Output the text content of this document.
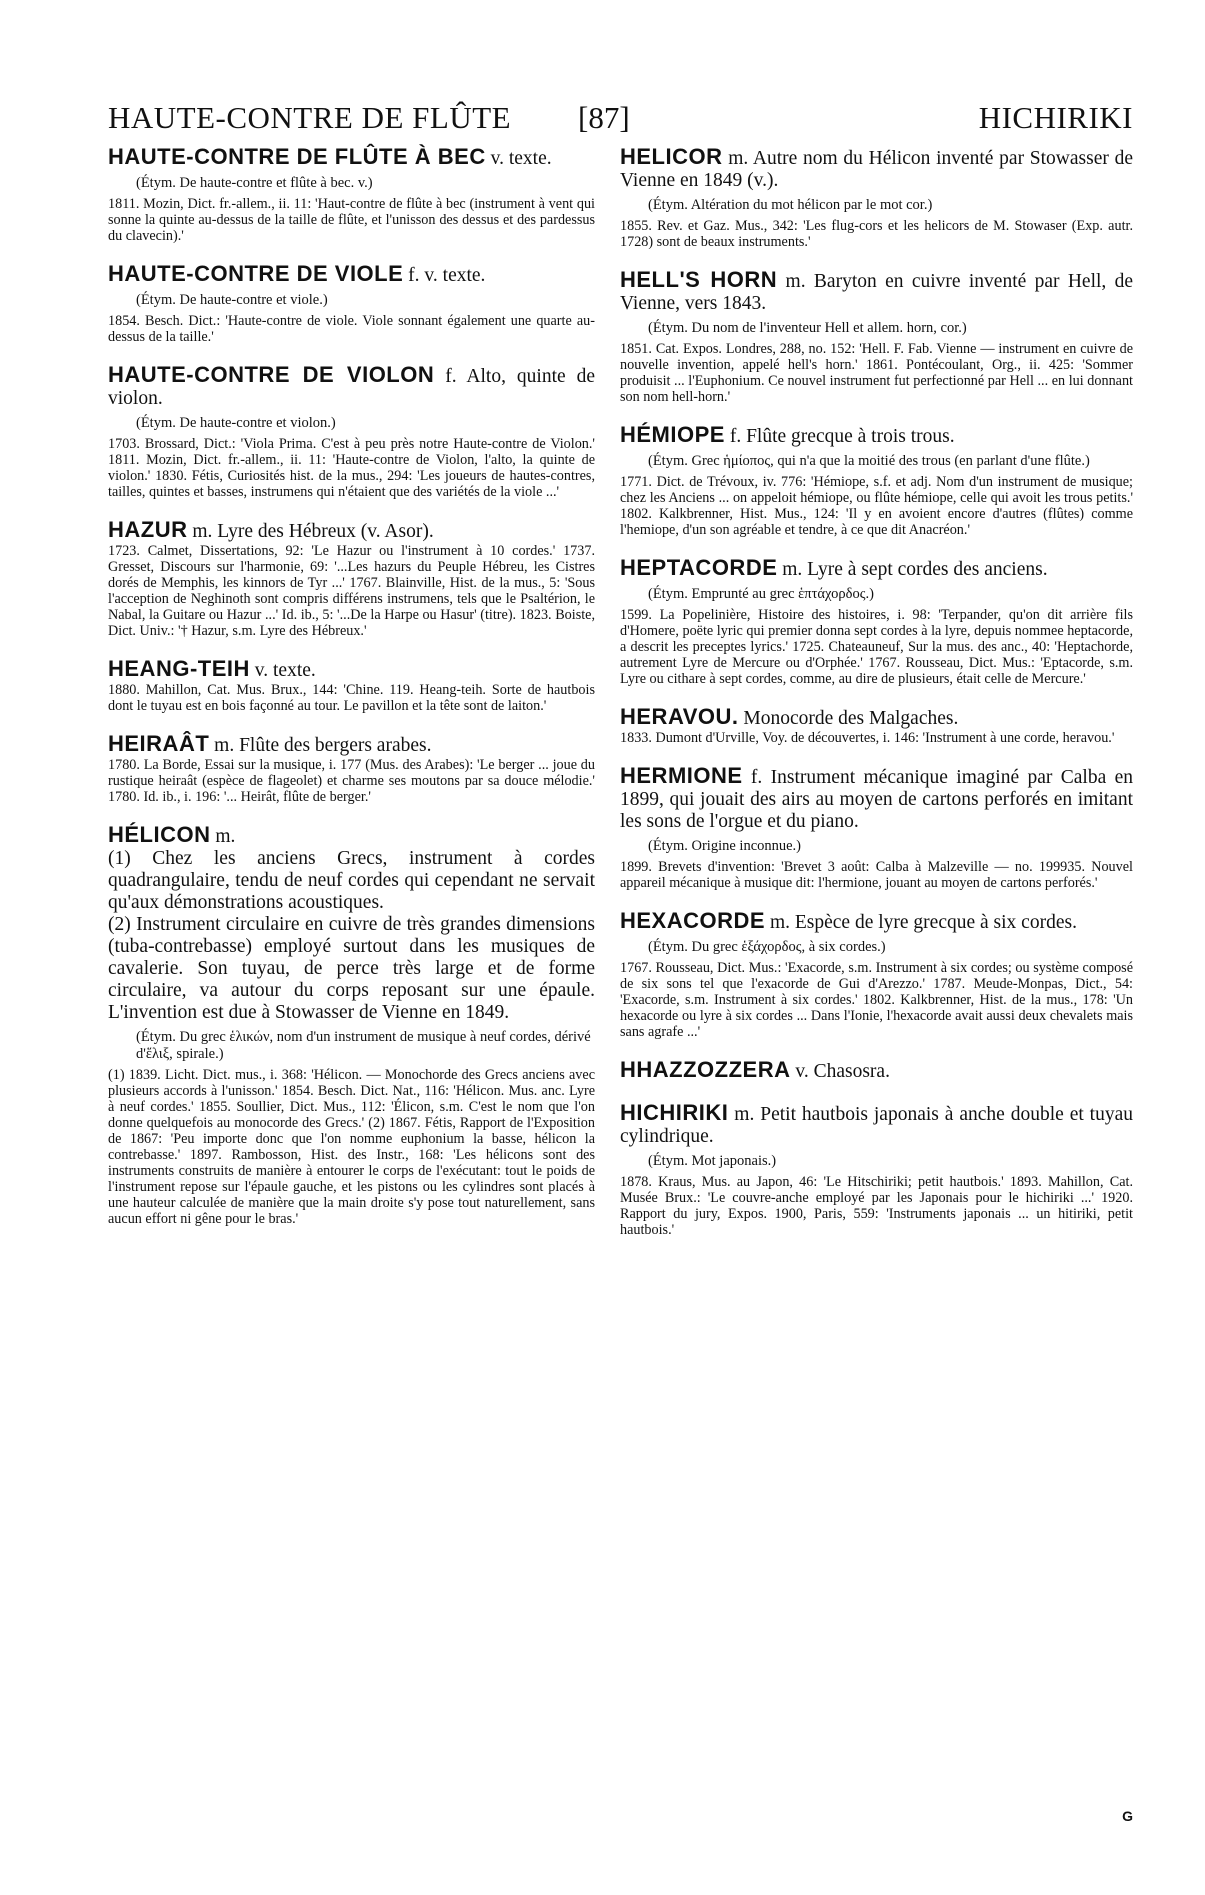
HAUTE-CONTRE DE FLÛTE [87]	HICHIRIKI
HAUTE-CONTRE DE FLÛTE À BEC v. texte.
(Étym. De haute-contre et flûte à bec. v.)
1811. Mozin, Dict. fr.-allem., ii. 11: 'Haut-contre de flûte à bec (instrument à vent qui sonne la quinte au-dessus de la taille de flûte, et l'unisson des dessus et des pardessus du clavecin).'
HAUTE-CONTRE DE VIOLE f. v. texte.
(Étym. De haute-contre et viole.)
1854. Besch. Dict.: 'Haute-contre de viole. Viole sonnant également une quarte au-dessus de la taille.'
HAUTE-CONTRE DE VIOLON f. Alto, quinte de violon.
(Étym. De haute-contre et violon.)
1703. Brossard, Dict.: 'Viola Prima. C'est à peu près notre Haute-contre de Violon.' 1811. Mozin, Dict. fr.-allem., ii. 11: 'Haute-contre de Violon, l'alto, la quinte de violon.' 1830. Fétis, Curiosités hist. de la mus., 294: 'Les joueurs de hautes-contres, tailles, quintes et basses, instrumens qui n'étaient que des variétés de la viole ...'
HAZUR m. Lyre des Hébreux (v. Asor).
1723. Calmet, Dissertations, 92: 'Le Hazur ou l'instrument à 10 cordes.' 1737. Gresset, Discours sur l'harmonie, 69: '...Les hazurs du Peuple Hébreu, les Cistres dorés de Memphis, les kinnors de Tyr ...' 1767. Blainville, Hist. de la mus., 5: 'Sous l'acception de Neghinoth sont compris différens instrumens, tels que le Psaltérion, le Nabal, la Guitare ou Hazur ...' Id. ib., 5: '...De la Harpe ou Hasur' (titre). 1823. Boiste, Dict. Univ.: '† Hazur, s.m. Lyre des Hébreux.'
HEANG-TEIH v. texte.
1880. Mahillon, Cat. Mus. Brux., 144: 'Chine. 119. Heang-teih. Sorte de hautbois dont le tuyau est en bois façonné au tour. Le pavillon et la tête sont de laiton.'
HEIRAÂT m. Flûte des bergers arabes.
1780. La Borde, Essai sur la musique, i. 177 (Mus. des Arabes): 'Le berger ... joue du rustique heiraât (espèce de flageolet) et charme ses moutons par sa douce mélodie.' 1780. Id. ib., i. 196: '... Heirât, flûte de berger.'
HÉLICON m.
(1) Chez les anciens Grecs, instrument à cordes quadrangulaire, tendu de neuf cordes qui cependant ne servait qu'aux démonstrations acoustiques.
(2) Instrument circulaire en cuivre de très grandes dimensions (tuba-contrebasse) employé surtout dans les musiques de cavalerie. Son tuyau, de perce très large et de forme circulaire, va autour du corps reposant sur une épaule. L'invention est due à Stowasser de Vienne en 1849.
(Étym. Du grec ἑλικών, nom d'un instrument de musique à neuf cordes, dérivé d'ἕλιξ, spirale.)
(1) 1839. Licht. Dict. mus., i. 368: 'Hélicon. — Monochorde des Grecs anciens avec plusieurs accords à l'unisson.' 1854. Besch. Dict. Nat., 116: 'Hélicon. Mus. anc. Lyre à neuf cordes.' 1855. Soullier, Dict. Mus., 112: 'Élicon, s.m. C'est le nom que l'on donne quelquefois au monocorde des Grecs.' (2) 1867. Fétis, Rapport de l'Exposition de 1867: 'Peu importe donc que l'on nomme euphonium la basse, hélicon la contrebasse.' 1897. Rambosson, Hist. des Instr., 168: 'Les hélicons sont des instruments construits de manière à entourer le corps de l'exécutant: tout le poids de l'instrument repose sur l'épaule gauche, et les pistons ou les cylindres sont placés à une hauteur calculée de manière que la main droite s'y pose tout naturellement, sans aucun effort ni gêne pour le bras.'
HELICOR m. Autre nom du Hélicon inventé par Stowasser de Vienne en 1849 (v.).
(Étym. Altération du mot hélicon par le mot cor.)
1855. Rev. et Gaz. Mus., 342: 'Les flug-cors et les helicors de M. Stowaser (Exp. autr. 1728) sont de beaux instruments.'
HELL'S HORN m. Baryton en cuivre inventé par Hell, de Vienne, vers 1843.
(Étym. Du nom de l'inventeur Hell et allem. horn, cor.)
1851. Cat. Expos. Londres, 288, no. 152: 'Hell. F. Fab. Vienne — instrument en cuivre de nouvelle invention, appelé hell's horn.' 1861. Pontécoulant, Org., ii. 425: 'Sommer produisit ... l'Euphonium. Ce nouvel instrument fut perfectionné par Hell ... en lui donnant son nom hell-horn.'
HÉMIOPE f. Flûte grecque à trois trous.
(Étym. Grec ἡμίοπος, qui n'a que la moitié des trous (en parlant d'une flûte.)
1771. Dict. de Trévoux, iv. 776: 'Hémiope, s.f. et adj. Nom d'un instrument de musique; chez les Anciens ... on appeloit hémiope, ou flûte hémiope, celle qui avoit les trous petits.' 1802. Kalkbrenner, Hist. Mus., 124: 'Il y en avoient encore d'autres (flûtes) comme l'hemiope, d'un son agréable et tendre, à ce que dit Anacréon.'
HEPTACORDE m. Lyre à sept cordes des anciens.
(Étym. Emprunté au grec ἑπτάχορδος.)
1599. La Popelinière, Histoire des histoires, i. 98: 'Terpander, qu'on dit arrière fils d'Homere, poëte lyric qui premier donna sept cordes à la lyre, depuis nommee heptacorde, a descrit les preceptes lyrics.' 1725. Chateauneuf, Sur la mus. des anc., 40: 'Heptachorde, autrement Lyre de Mercure ou d'Orphée.' 1767. Rousseau, Dict. Mus.: 'Eptacorde, s.m. Lyre ou cithare à sept cordes, comme, au dire de plusieurs, était celle de Mercure.'
HERAVOU. Monocorde des Malgaches.
1833. Dumont d'Urville, Voy. de découvertes, i. 146: 'Instrument à une corde, heravou.'
HERMIONE f. Instrument mécanique imaginé par Calba en 1899, qui jouait des airs au moyen de cartons perforés en imitant les sons de l'orgue et du piano.
(Étym. Origine inconnue.)
1899. Brevets d'invention: 'Brevet 3 août: Calba à Malzeville — no. 199935. Nouvel appareil mécanique à musique dit: l'hermione, jouant au moyen de cartons perforés.'
HEXACORDE m. Espèce de lyre grecque à six cordes.
(Étym. Du grec ἑξάχορδος, à six cordes.)
1767. Rousseau, Dict. Mus.: 'Exacorde, s.m. Instrument à six cordes; ou système composé de six sons tel que l'exacorde de Gui d'Arezzo.' 1787. Meude-Monpas, Dict., 54: 'Exacorde, s.m. Instrument à six cordes.' 1802. Kalkbrenner, Hist. de la mus., 178: 'Un hexacorde ou lyre à six cordes ... Dans l'Ionie, l'hexacorde avait aussi deux chevalets mais sans agrafe ...'
HHAZZOZZERA v. Chasosra.
HICHIRIKI m. Petit hautbois japonais à anche double et tuyau cylindrique.
(Étym. Mot japonais.)
1878. Kraus, Mus. au Japon, 46: 'Le Hitschiriki; petit hautbois.' 1893. Mahillon, Cat. Musée Brux.: 'Le couvre-anche employé par les Japonais pour le hichiriki ...' 1920. Rapport du jury, Expos. 1900, Paris, 559: 'Instruments japonais ... un hitiriki, petit hautbois.'
G
